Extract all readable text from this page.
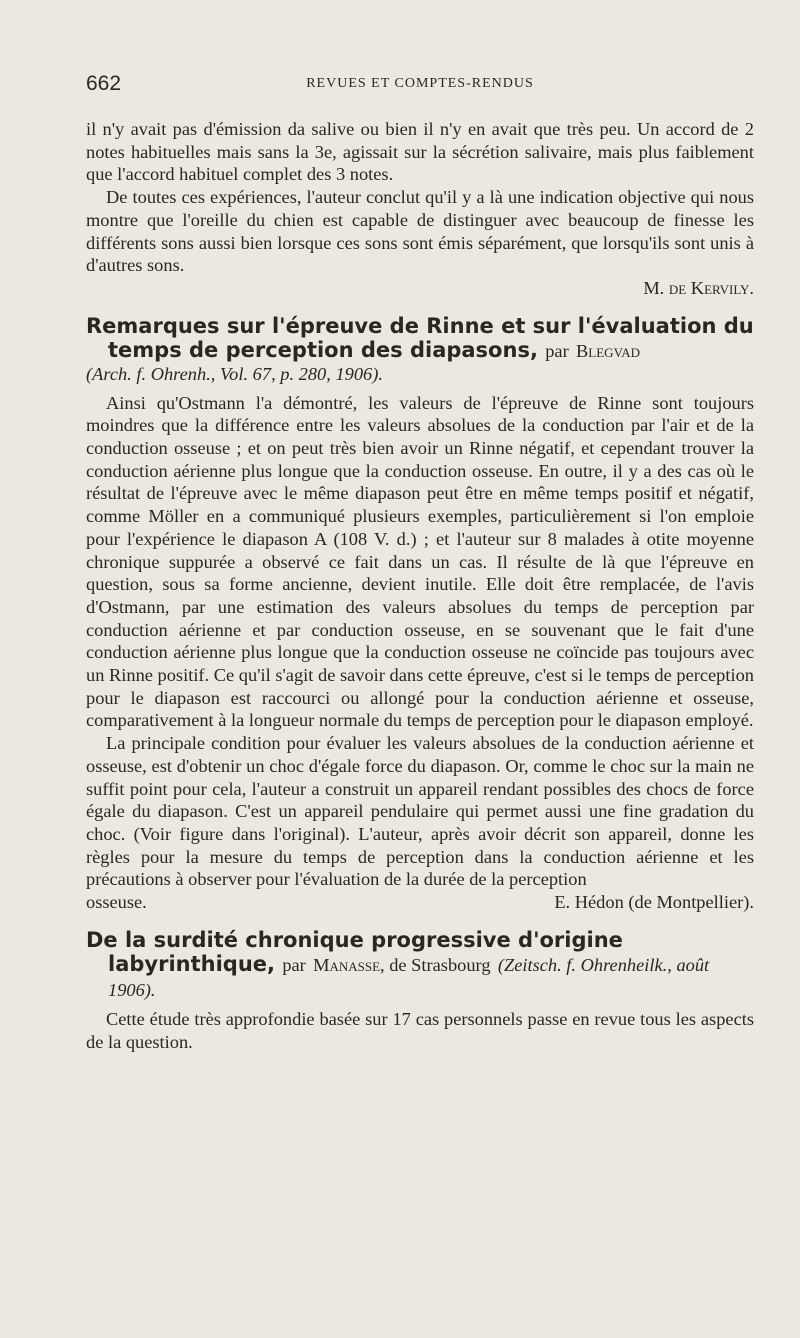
662	REVUES ET COMPTES-RENDUS

il n'y avait pas d'émission da salive ou bien il n'y en avait que très peu. Un accord de 2 notes habituelles mais sans la 3e, agissait sur la sécrétion salivaire, mais plus faiblement que l'accord habituel complet des 3 notes.

De toutes ces expériences, l'auteur conclut qu'il y a là une indication objective qui nous montre que l'oreille du chien est capable de distinguer avec beaucoup de finesse les différents sons aussi bien lorsque ces sons sont émis séparément, que lorsqu'ils sont unis à d'autres sons.

M. de Kervily.
Remarques sur l'épreuve de Rinne et sur l'évaluation du temps de perception des diapasons, par Blegvad
(Arch. f. Ohrenh., Vol. 67, p. 280, 1906).

Ainsi qu'Ostmann l'a démontré, les valeurs de l'épreuve de Rinne sont toujours moindres que la différence entre les valeurs absolues de la conduction par l'air et de la conduction osseuse ; et on peut très bien avoir un Rinne négatif, et cependant trouver la conduction aérienne plus longue que la conduction osseuse. En outre, il y a des cas où le résultat de l'épreuve avec le même diapason peut être en même temps positif et négatif, comme Möller en a communiqué plusieurs exemples, particulièrement si l'on emploie pour l'expérience le diapason A (108 V. d.) ; et l'auteur sur 8 malades à otite moyenne chronique suppurée a observé ce fait dans un cas. Il résulte de là que l'épreuve en question, sous sa forme ancienne, devient inutile. Elle doit être remplacée, de l'avis d'Ostmann, par une estimation des valeurs absolues du temps de perception par conduction aérienne et par conduction osseuse, en se souvenant que le fait d'une conduction aérienne plus longue que la conduction osseuse ne coïncide pas toujours avec un Rinne positif. Ce qu'il s'agit de savoir dans cette épreuve, c'est si le temps de perception pour le diapason est raccourci ou allongé pour la conduction aérienne et osseuse, comparativement à la longueur normale du temps de perception pour le diapason employé.

La principale condition pour évaluer les valeurs absolues de la conduction aérienne et osseuse, est d'obtenir un choc d'égale force du diapason. Or, comme le choc sur la main ne suffit point pour cela, l'auteur a construit un appareil rendant possibles des chocs de force égale du diapason. C'est un appareil pendulaire qui permet aussi une fine gradation du choc. (Voir figure dans l'original). L'auteur, après avoir décrit son appareil, donne les règles pour la mesure du temps de perception dans la conduction aérienne et les précautions à observer pour l'évaluation de la durée de la perception

osseuse.	E. Hédon (de Montpellier).
De la surdité chronique progressive d'origine labyrinthique, par Manasse, de Strasbourg (Zeitsch. f. Ohrenheilk., août 1906).

Cette étude très approfondie basée sur 17 cas personnels passe en revue tous les aspects de la question.
